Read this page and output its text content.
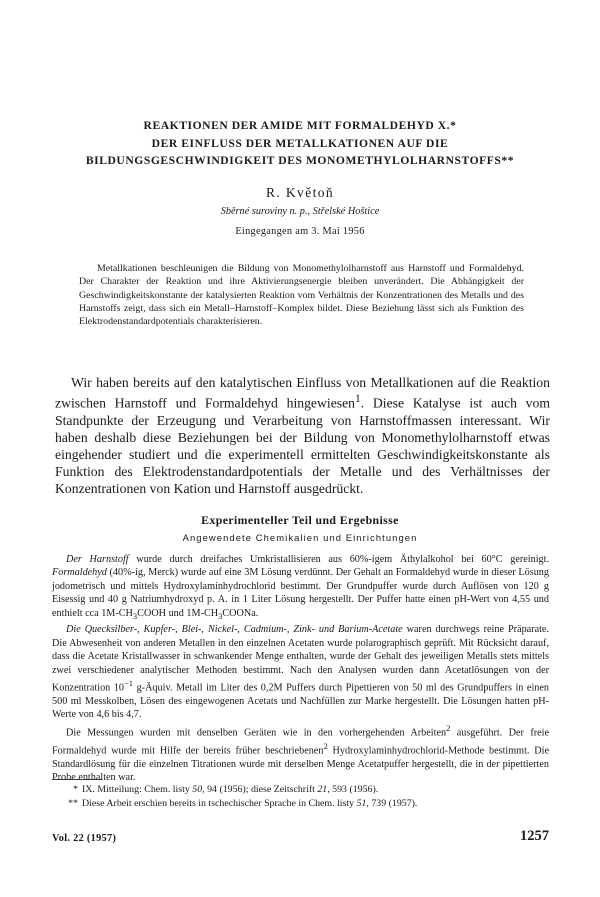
REAKTIONEN DER AMIDE MIT FORMALDEHYD X.*
DER EINFLUSS DER METALLKATIONEN AUF DIE
BILDUNGSGESCHWINDIGKEIT DES MONOMETHYLOLHARNSTOFFS**
R. Květoň
Sběrné suroviny n. p., Střelské Hoštice
Eingegangen am 3. Mai 1956

Metallkationen beschleunigen die Bildung von Monomethylolharnstoff aus Harnstoff und Formaldehyd. Der Charakter der Reaktion und ihre Aktivierungsenergie bleiben unverändert. Die Abhängigkeit der Geschwindigkeitskonstante der katalysierten Reaktion vom Verhältnis der Konzentrationen des Metalls und des Harnstoffs zeigt, dass sich ein Metall–Harnstoff–Komplex bildet. Diese Beziehung lässt sich als Funktion des Elektrodenstandardpotentials charakterisieren.

Wir haben bereits auf den katalytischen Einfluss von Metallkationen auf die Reaktion zwischen Harnstoff und Formaldehyd hingewiesen$^1$. Diese Katalyse ist auch vom Standpunkte der Erzeugung und Verarbeitung von Harnstoffmassen interessant. Wir haben deshalb diese Beziehungen bei der Bildung von Monomethylolharnstoff etwas eingehender studiert und die experimentell ermittelten Geschwindigkeitskonstante als Funktion des Elektrodenstandardpotentials der Metalle und des Verhältnisses der Konzentrationen von Kation und Harnstoff ausgedrückt.

Experimenteller Teil und Ergebnisse
Angewendete Chemikalien und Einrichtungen

Der Harnstoff wurde durch dreifaches Umkristallisieren aus 60%-igem Äthylalkohol bei 60°C gereinigt. Formaldehyd (40%-ig, Merck) wurde auf eine 3M Lösung verdünnt. Der Gehalt an Formaldehyd wurde in dieser Lösung jodometrisch und mittels Hydroxylaminhydrochlorid bestimmt. Der Grundpuffer wurde durch Auflösen von 120 g Eisessig und 40 g Natriumhydroxyd p. A. in 1 Liter Lösung hergestellt. Der Puffer hatte einen pH-Wert von 4,55 und enthielt cca $1M-CH_3COOH$ und $1M-CH_3COONa$.

Die Quecksilber-, Kupfer-, Blei-, Nickel-, Cadmium-, Zink- und Barium-Acetate waren durchwegs reine Präparate. Die Abwesenheit von anderen Metallen in den einzelnen Acetaten wurde polarographisch geprüft. Mit Rücksicht darauf, dass die Acetate Kristallwasser in schwankender Menge enthalten, wurde der Gehalt des jeweiligen Metalls stets mittels zwei verschiedener analytischer Methoden bestimmt. Nach den Analysen wurden dann Acetatlösungen von der Konzentration $10^{-1}$ g-Äquiv. Metall im Liter des 0,2M Puffers durch Pipettieren von 50 ml des Grundpuffers in einen 500 ml Messkolben, Lösen des eingewogenen Acetats und Nachfüllen zur Marke hergestellt. Die Lösungen hatten pH-Werte von 4,6 bis 4,7.

Die Messungen wurden mit denselben Geräten wie in den vorhergehenden Arbeiten$^2$ ausgeführt. Der freie Formaldehyd wurde mit Hilfe der bereits früher beschriebenen$^2$ Hydroxylaminhydrochlorid-Methode bestimmt. Die Standardlösung für die einzelnen Titrationen wurde mit derselben Menge Acetatpuffer hergestellt, die in der pipettierten Probe enthalten war.

* IX. Mitteilung: Chem. listy 50, 94 (1956); diese Zeitschrift 21, 593 (1956).

** Diese Arbeit erschien bereits in tschechischer Sprache in Chem. listy 51, 739 (1957).

Vol. 22 (1957)	1257
